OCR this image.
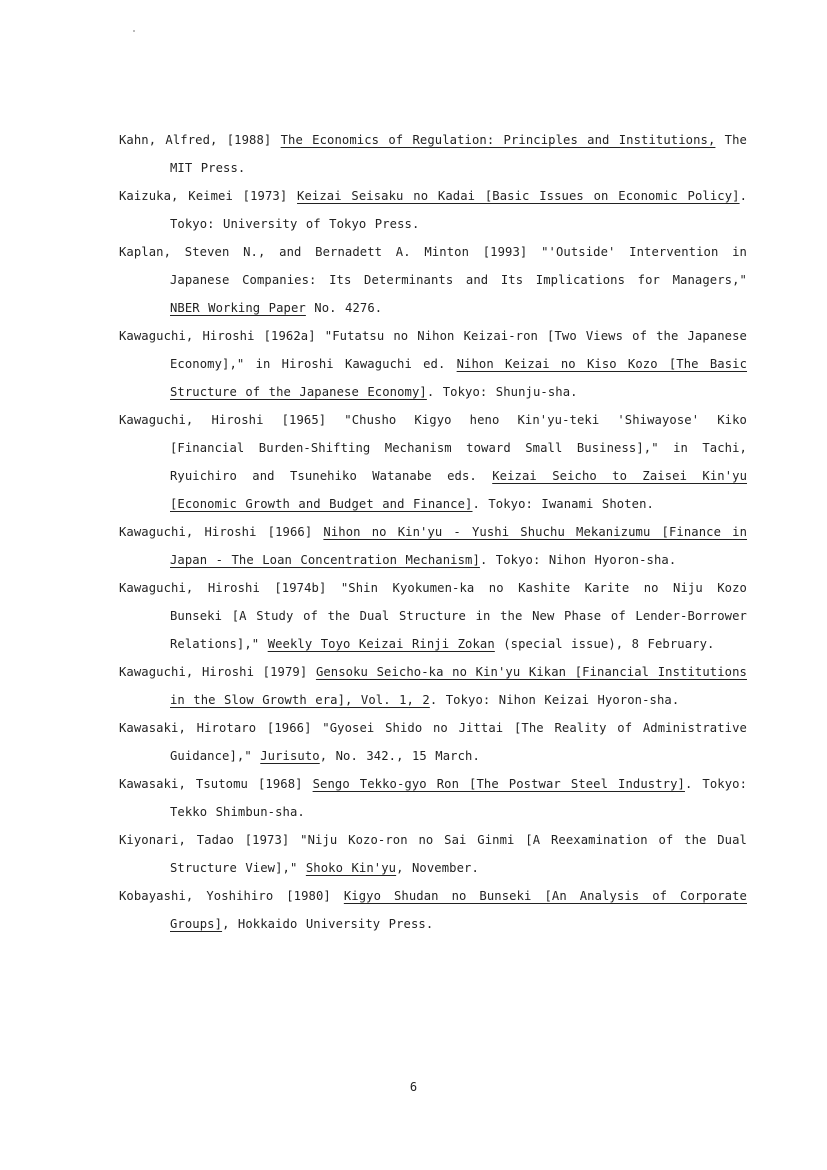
Kahn, Alfred, [1988] The Economics of Regulation: Principles and Institutions, The MIT Press.
Kaizuka, Keimei [1973] Keizai Seisaku no Kadai [Basic Issues on Economic Policy]. Tokyo: University of Tokyo Press.
Kaplan, Steven N., and Bernadett A. Minton [1993] "'Outside' Intervention in Japanese Companies: Its Determinants and Its Implications for Managers," NBER Working Paper No. 4276.
Kawaguchi, Hiroshi [1962a] "Futatsu no Nihon Keizai-ron [Two Views of the Japanese Economy]," in Hiroshi Kawaguchi ed. Nihon Keizai no Kiso Kozo [The Basic Structure of the Japanese Economy]. Tokyo: Shunju-sha.
Kawaguchi, Hiroshi [1965] "Chusho Kigyo heno Kin'yu-teki 'Shiwayose' Kiko [Financial Burden-Shifting Mechanism toward Small Business]," in Tachi, Ryuichiro and Tsunehiko Watanabe eds. Keizai Seicho to Zaisei Kin'yu [Economic Growth and Budget and Finance]. Tokyo: Iwanami Shoten.
Kawaguchi, Hiroshi [1966] Nihon no Kin'yu - Yushi Shuchu Mekanizumu [Finance in Japan - The Loan Concentration Mechanism]. Tokyo: Nihon Hyoron-sha.
Kawaguchi, Hiroshi [1974b] "Shin Kyokumen-ka no Kashite Karite no Niju Kozo Bunseki [A Study of the Dual Structure in the New Phase of Lender-Borrower Relations]," Weekly Toyo Keizai Rinji Zokan (special issue), 8 February.
Kawaguchi, Hiroshi [1979] Gensoku Seicho-ka no Kin'yu Kikan [Financial Institutions in the Slow Growth era], Vol. 1, 2. Tokyo: Nihon Keizai Hyoron-sha.
Kawasaki, Hirotaro [1966] "Gyosei Shido no Jittai [The Reality of Administrative Guidance]," Jurisuto, No. 342., 15 March.
Kawasaki, Tsutomu [1968] Sengo Tekko-gyo Ron [The Postwar Steel Industry]. Tokyo: Tekko Shimbun-sha.
Kiyonari, Tadao [1973] "Niju Kozo-ron no Sai Ginmi [A Reexamination of the Dual Structure View]," Shoko Kin'yu, November.
Kobayashi, Yoshihiro [1980] Kigyo Shudan no Bunseki [An Analysis of Corporate Groups], Hokkaido University Press.
6
